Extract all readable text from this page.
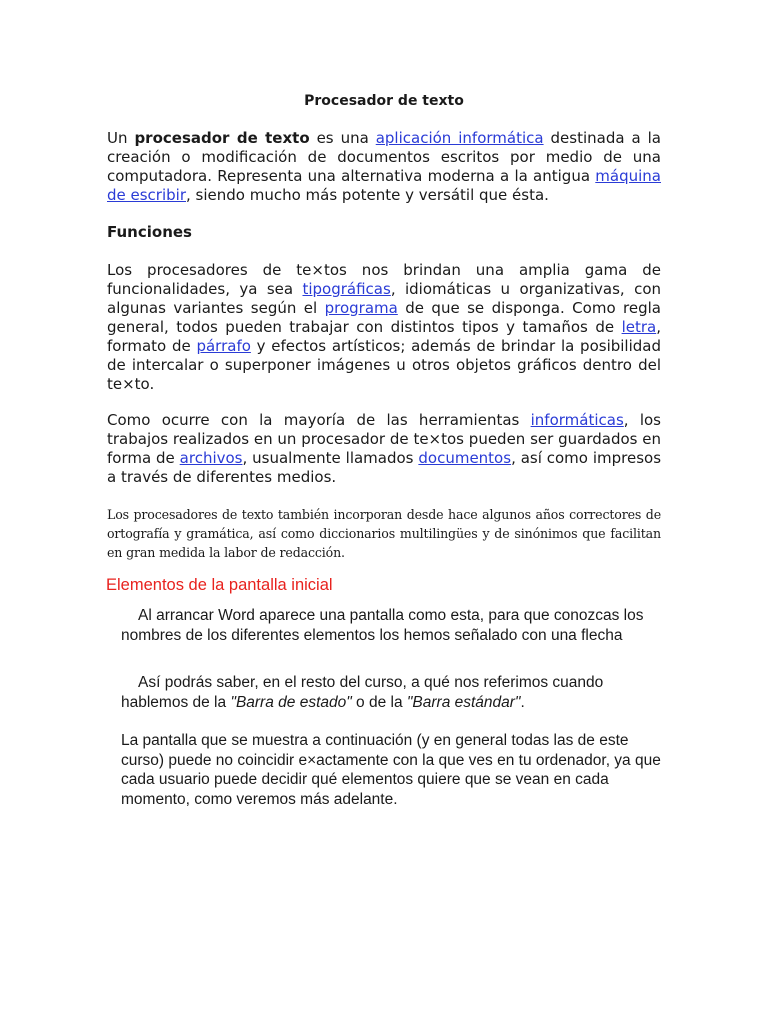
Procesador de texto
Un procesador de texto es una aplicación informática destinada a la creación o modificación de documentos escritos por medio de una computadora. Representa una alternativa moderna a la antigua máquina de escribir, siendo mucho más potente y versátil que ésta.
Funciones
Los procesadores de te×tos nos brindan una amplia gama de funcionalidades, ya sea tipográficas, idiomáticas u organizativas, con algunas variantes según el programa de que se disponga. Como regla general, todos pueden trabajar con distintos tipos y tamaños de letra, formato de párrafo y efectos artísticos; además de brindar la posibilidad de intercalar o superponer imágenes u otros objetos gráficos dentro del te×to.
Como ocurre con la mayoría de las herramientas informáticas, los trabajos realizados en un procesador de te×tos pueden ser guardados en forma de archivos, usualmente llamados documentos, así como impresos a través de diferentes medios.
Los procesadores de texto también incorporan desde hace algunos años correctores de ortografía y gramática, así como diccionarios multilingües y de sinónimos que facilitan en gran medida la labor de redacción.
Elementos de la pantalla inicial
Al arrancar Word aparece una pantalla como esta, para que conozcas los nombres de los diferentes elementos los hemos señalado con una flecha
Así podrás saber, en el resto del curso, a qué nos referimos cuando hablemos de la "Barra de estado" o de la "Barra estándar".
La pantalla que se muestra a continuación (y en general todas las de este curso) puede no coincidir e×actamente con la que ves en tu ordenador, ya que cada usuario puede decidir qué elementos quiere que se vean en cada momento, como veremos más adelante.
